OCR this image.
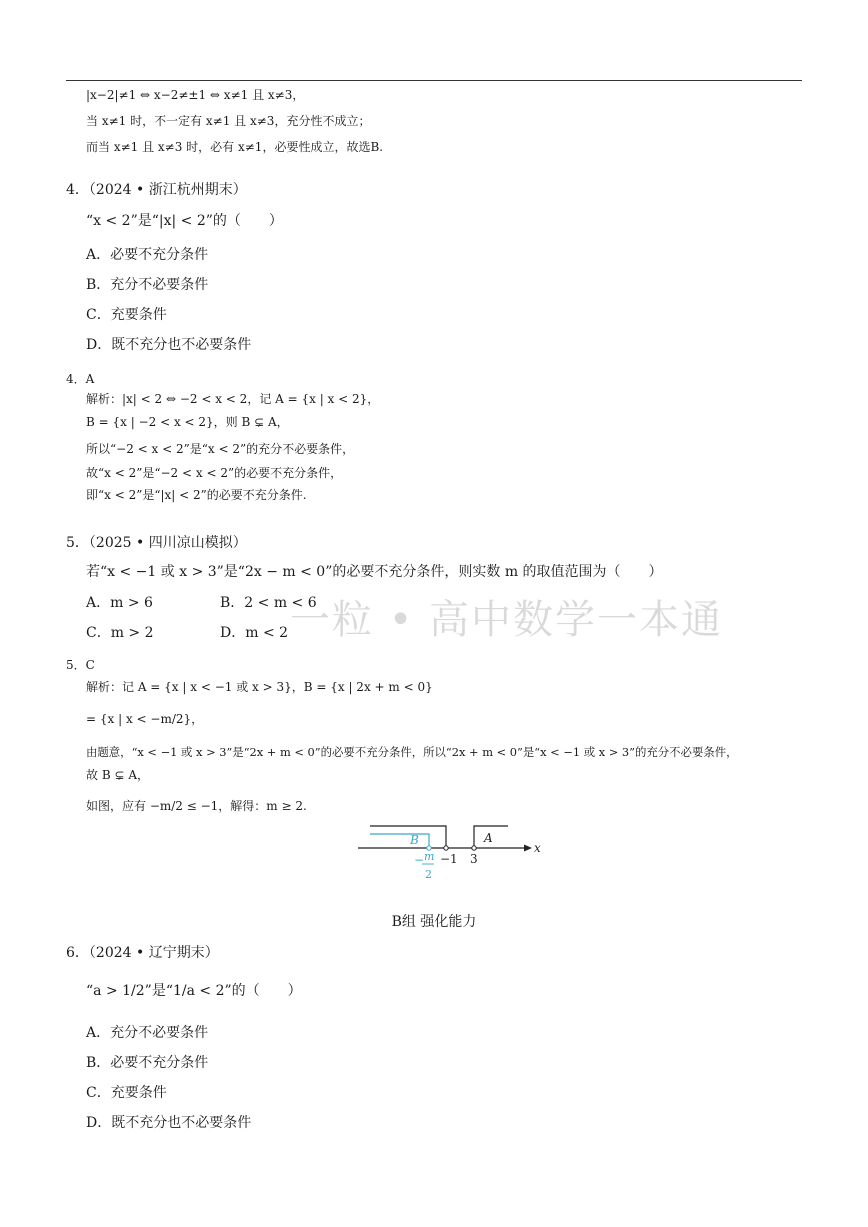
一粒 • 高中数学一本通
|x−2|≠1 ⇔ x−2≠±1 ⇔ x≠1 且 x≠3，
当 x≠1 时，不一定有 x≠1 且 x≠3，充分性不成立；
而当 x≠1 且 x≠3 时，必有 x≠1，必要性成立，故选B.
4．（2024 • 浙江杭州期末）
“x < 2”是“|x| < 2”的（　　）
A．必要不充分条件
B．充分不必要条件
C．充要条件
D．既不充分也不必要条件
4．A
解析：|x| < 2 ⇔ −2 < x < 2，记 A = {x | x < 2}，
B = {x | −2 < x < 2}，则 B ⊊ A，
所以“−2 < x < 2”是“x < 2”的充分不必要条件，
故“x < 2”是“−2 < x < 2”的必要不充分条件，
即“x < 2”是“|x| < 2”的必要不充分条件.
5．（2025 • 四川凉山模拟）
若“x < −1 或 x > 3”是“2x − m < 0”的必要不充分条件，则实数 m 的取值范围为（　　）
A．m > 6	B．2 < m < 6
C．m > 2	D．m < 2
5．C
解析：记 A = {x | x < −1 或 x > 3}，B = {x | 2x + m < 0}
= {x | x < −m/2}，
由题意，“x < −1 或 x > 3”是“2x + m < 0”的必要不充分条件，所以“2x + m < 0”是“x < −1 或 x > 3”的充分不必要条件，
故 B ⊊ A，
如图，应有 −m/2 ≤ −1，解得：m ≥ 2.
x
B	A
−1 3
− m
2
B组 强化能力
6．（2024 • 辽宁期末）
“a > 1/2”是“1/a < 2”的（　　）
A．充分不必要条件
B．必要不充分条件
C．充要条件
D．既不充分也不必要条件
